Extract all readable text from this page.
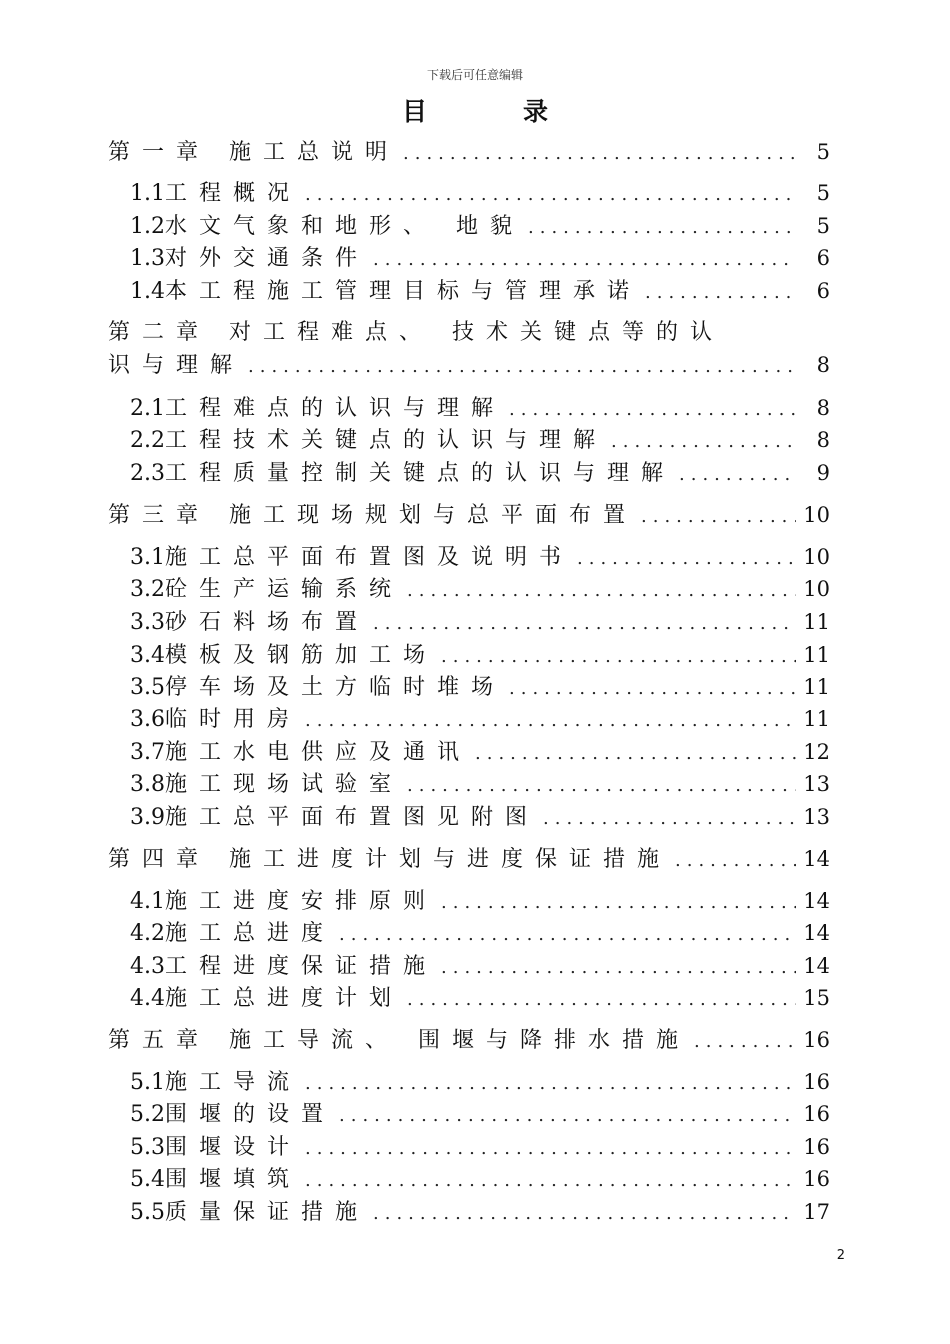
下载后可任意编辑
目录
第一章 施工总说明 .....	5
1.1 工程概况 .....	5
1.2 水文气象和地形、 地貌 .....	5
1.3 对外交通条件 .....	6
1.4 本工程施工管理目标与管理承诺 .....	6
第二章 对工程难点、 技术关键点等的认
识与理解 .....	8
2.1 工程难点的认识与理解 .....	8
2.2 工程技术关键点的认识与理解 .....	8
2.3 工程质量控制关键点的认识与理解 .....	9
第三章 施工现场规划与总平面布置 .....	10
3.1 施工总平面布置图及说明书 .....	10
3.2 砼生产运输系统 .....	10
3.3 砂石料场布置 .....	11
3.4 模板及钢筋加工场 .....	11
3.5 停车场及土方临时堆场 .....	11
3.6 临时用房 .....	11
3.7 施工水电供应及通讯 .....	12
3.8 施工现场试验室 .....	13
3.9 施工总平面布置图见附图 .....	13
第四章 施工进度计划与进度保证措施 .....	14
4.1 施工进度安排原则 .....	14
4.2 施工总进度 .....	14
4.3 工程进度保证措施 .....	14
4.4 施工总进度计划 .....	15
第五章 施工导流、 围堰与降排水措施 .....	16
5.1 施工导流 .....	16
5.2 围堰的设置 .....	16
5.3 围堰设计 .....	16
5.4 围堰填筑 .....	16
5.5 质量保证措施 .....	17
2
